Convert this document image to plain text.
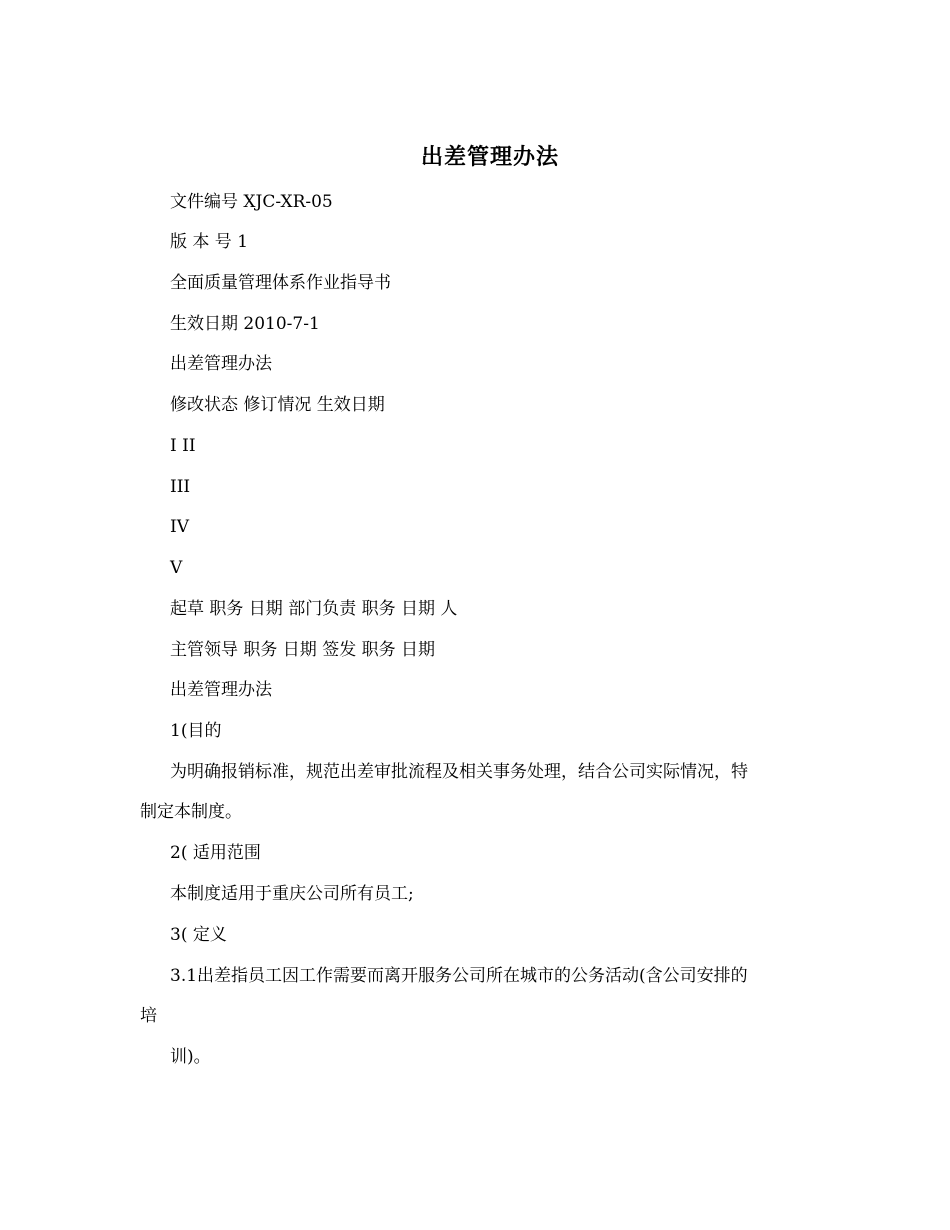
出差管理办法
文件编号 XJC-XR-05
版 本 号 1
全面质量管理体系作业指导书
生效日期 2010-7-1
出差管理办法
修改状态 修订情况 生效日期
I II
III
IV
V
起草 职务 日期 部门负责 职务 日期 人
主管领导 职务 日期 签发 职务 日期
出差管理办法
1(目的
为明确报销标准，规范出差审批流程及相关事务处理，结合公司实际情况，特
制定本制度。
2( 适用范围
本制度适用于重庆公司所有员工;
3( 定义
3.1出差指员工因工作需要而离开服务公司所在城市的公务活动(含公司安排的
培
训)。
